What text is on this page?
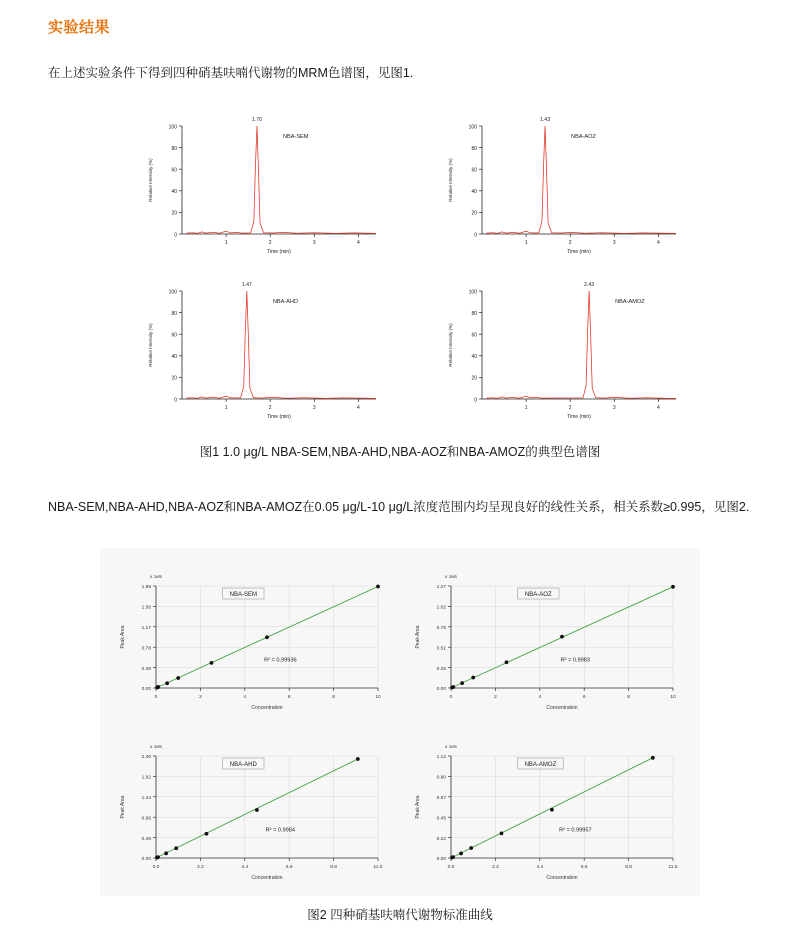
实验结果
在上述实验条件下得到四种硝基呋喃代谢物的MRM色谱图，见图1.
0
20
40
60
80
100
1	2	3	4
Time (min)
Relative Intensity (%)
1.70
NBA-SEM
0
20
40
60
80
100
1	2	3	4
Time (min)
Relative Intensity (%)
1.43
NBA-AOZ
0
20
40
60
80
100
1	2	3	4
Time (min)
Relative Intensity (%)
1.47
NBA-AHD
0
20
40
60
80
100
1	2	3	4
Time (min)
Relative Intensity (%)
2.43
NBA-AMOZ
图1 1.0 μg/L NBA-SEM,NBA-AHD,NBA-AOZ和NBA-AMOZ的典型色谱图
NBA-SEM,NBA-AHD,NBA-AOZ和NBA-AMOZ在0.05 μg/L-10 μg/L浓度范围内均呈现良好的线性关系，相关系数≥0.995，见图2.
0.00
0.39
0.78
1.17
1.56
1.95
0	2	4	6	8	10
x 1e5
Concentration
Peak Area
NBA-SEM
R² = 0.99936
0.00
0.25
0.51
0.76
1.02
1.27
0	2	4	6	8	10
x 1e6
Concentration
Peak Area
NBA-AOZ
R² = 0.9983
0.00
0.48
0.96
1.44
1.92
2.40
0.0	2.2	4.4	6.6	8.8	11.0
x 1e5
Concentration
Peak Area
NBA-AHD
R² = 0.9984
0.00
0.22
0.45
0.67
0.90
1.12
0.0	2.2	4.4	6.6	8.8	11.0
x 1e6
Concentration
Peak Area
NBA-AMOZ
R² = 0.99957
图2 四种硝基呋喃代谢物标准曲线
